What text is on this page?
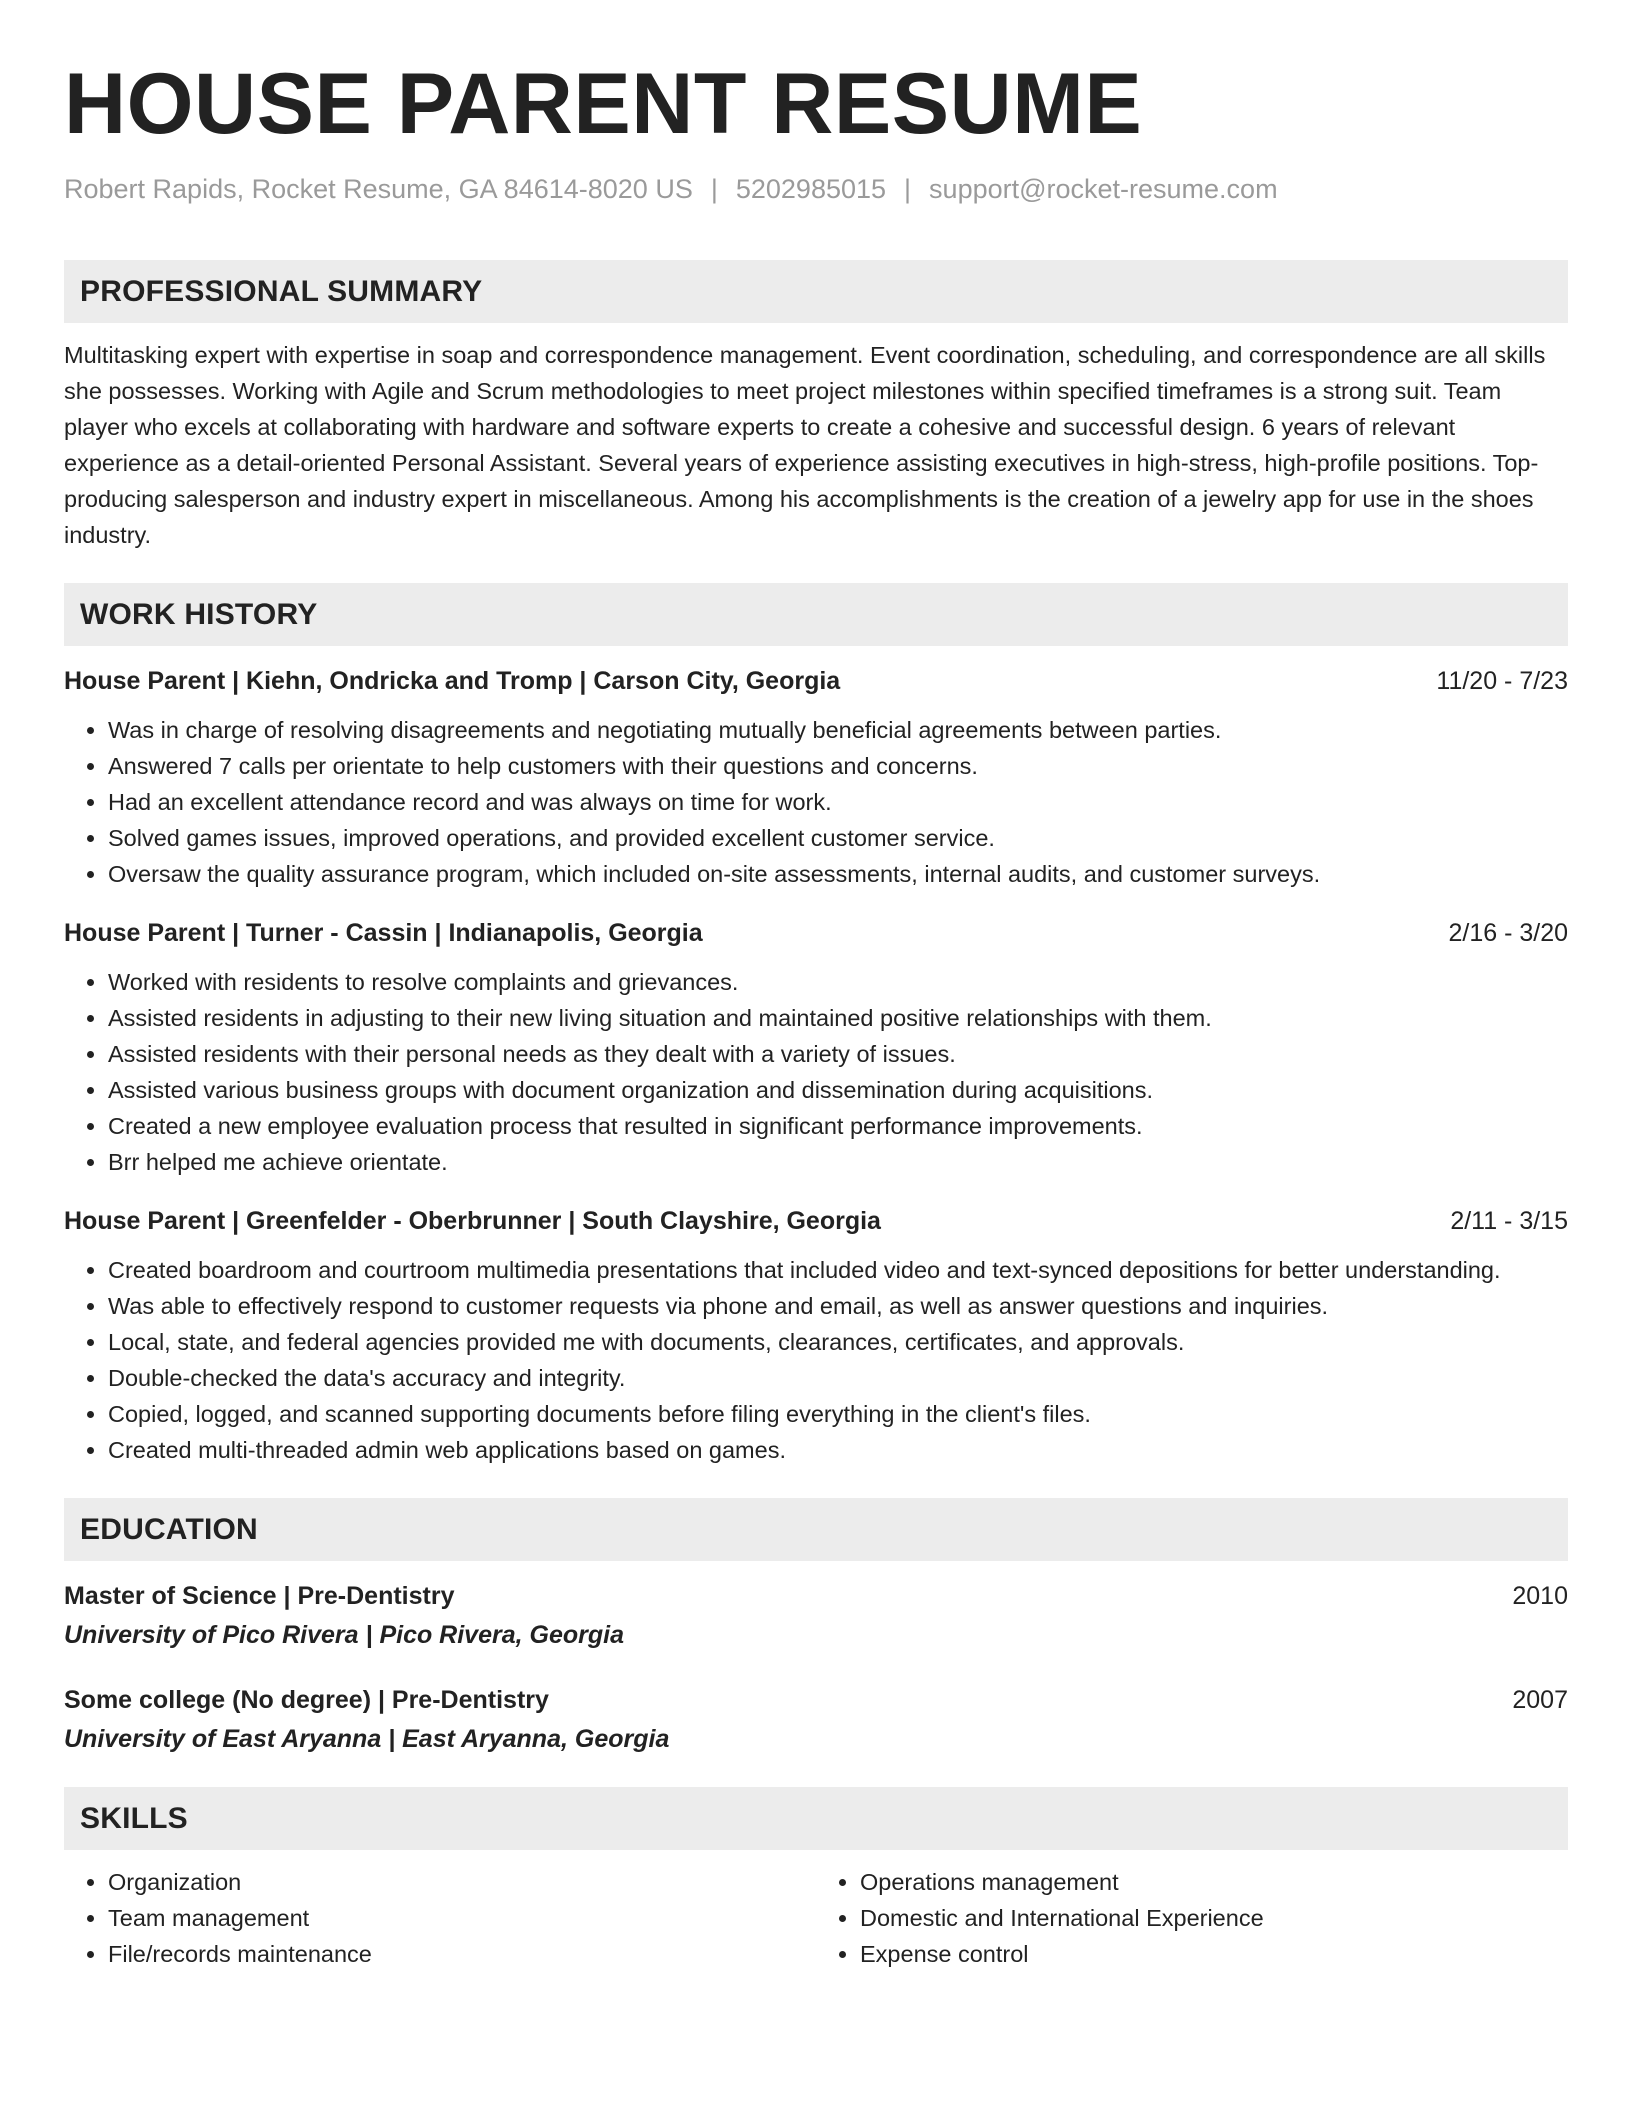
HOUSE PARENT RESUME
Robert Rapids, Rocket Resume, GA 84614-8020 US | 5202985015 | support@rocket-resume.com
PROFESSIONAL SUMMARY

Multitasking expert with expertise in soap and correspondence management. Event coordination, scheduling, and correspondence are all skills she possesses. Working with Agile and Scrum methodologies to meet project milestones within specified timeframes is a strong suit. Team player who excels at collaborating with hardware and software experts to create a cohesive and successful design. 6 years of relevant experience as a detail-oriented Personal Assistant. Several years of experience assisting executives in high-stress, high-profile positions. Top-producing salesperson and industry expert in miscellaneous. Among his accomplishments is the creation of a jewelry app for use in the shoes industry.

WORK HISTORY
House Parent | Kiehn, Ondricka and Tromp | Carson City, Georgia	11/20 - 7/23
• Was in charge of resolving disagreements and negotiating mutually beneficial agreements between parties.
• Answered 7 calls per orientate to help customers with their questions and concerns.
• Had an excellent attendance record and was always on time for work.
• Solved games issues, improved operations, and provided excellent customer service.
• Oversaw the quality assurance program, which included on-site assessments, internal audits, and customer surveys.
House Parent | Turner - Cassin | Indianapolis, Georgia	2/16 - 3/20
• Worked with residents to resolve complaints and grievances.
• Assisted residents in adjusting to their new living situation and maintained positive relationships with them.
• Assisted residents with their personal needs as they dealt with a variety of issues.
• Assisted various business groups with document organization and dissemination during acquisitions.
• Created a new employee evaluation process that resulted in significant performance improvements.
• Brr helped me achieve orientate.
House Parent | Greenfelder - Oberbrunner | South Clayshire, Georgia	2/11 - 3/15
• Created boardroom and courtroom multimedia presentations that included video and text-synced depositions for better understanding.
• Was able to effectively respond to customer requests via phone and email, as well as answer questions and inquiries.
• Local, state, and federal agencies provided me with documents, clearances, certificates, and approvals.
• Double-checked the data's accuracy and integrity.
• Copied, logged, and scanned supporting documents before filing everything in the client's files.
• Created multi-threaded admin web applications based on games.
EDUCATION
Master of Science | Pre-Dentistry	2010
University of Pico Rivera | Pico Rivera, Georgia
Some college (No degree) | Pre-Dentistry	2007
University of East Aryanna | East Aryanna, Georgia
SKILLS
• Organization
• Team management
• File/records maintenance
• Operations management
• Domestic and International Experience
• Expense control
